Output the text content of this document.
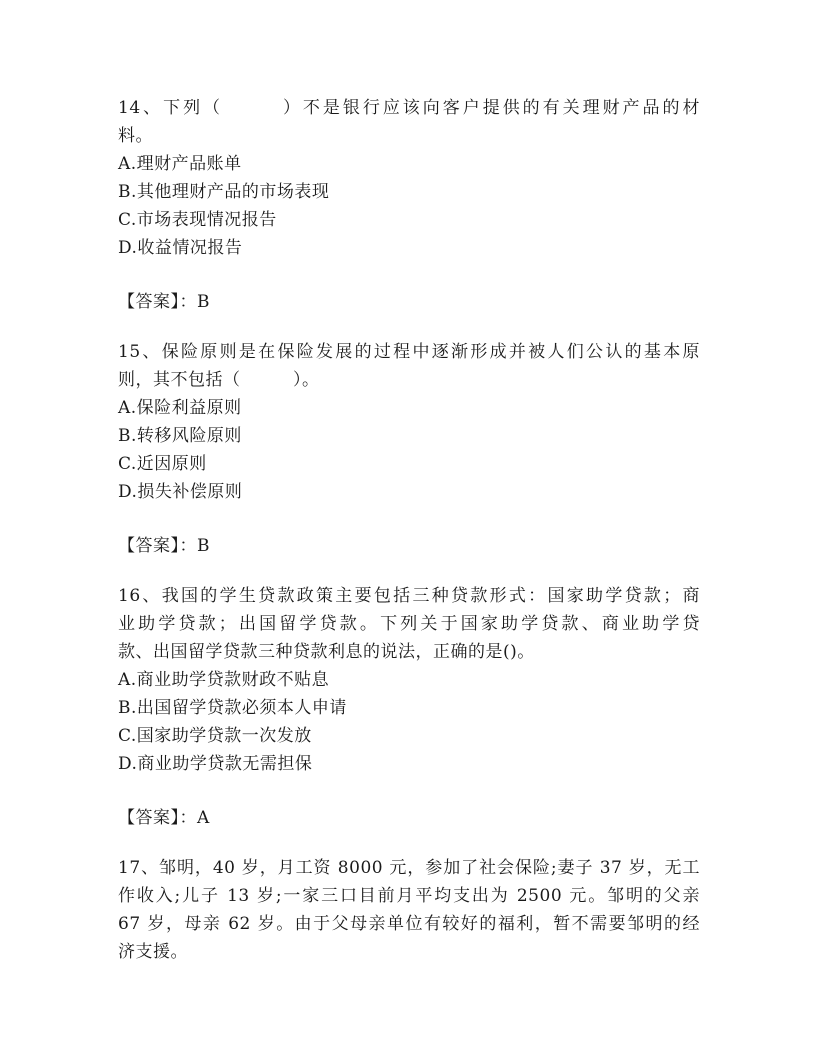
14、下列（　　　）不是银行应该向客户提供的有关理财产品的材
料。
A.理财产品账单
B.其他理财产品的市场表现
C.市场表现情况报告
D.收益情况报告
【答案】：B
15、保险原则是在保险发展的过程中逐渐形成并被人们公认的基本原
则，其不包括（　　　）。
A.保险利益原则
B.转移风险原则
C.近因原则
D.损失补偿原则
【答案】：B
16、我国的学生贷款政策主要包括三种贷款形式：国家助学贷款；商
业助学贷款；出国留学贷款。下列关于国家助学贷款、商业助学贷
款、出国留学贷款三种贷款利息的说法，正确的是()。
A.商业助学贷款财政不贴息
B.出国留学贷款必须本人申请
C.国家助学贷款一次发放
D.商业助学贷款无需担保
【答案】：A
17、邹明，40 岁，月工资 8000 元，参加了社会保险;妻子 37 岁，无工
作收入;儿子 13 岁;一家三口目前月平均支出为 2500 元。邹明的父亲
67 岁，母亲 62 岁。由于父母亲单位有较好的福利，暂不需要邹明的经
济支援。
